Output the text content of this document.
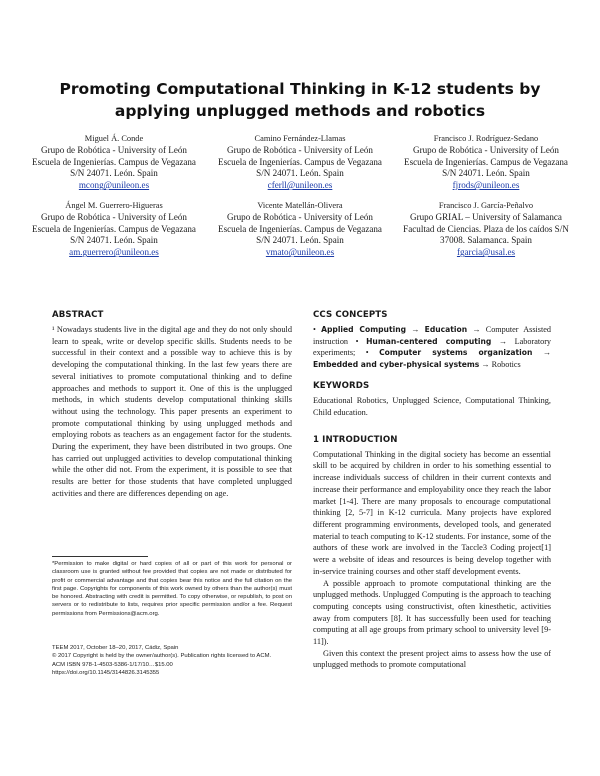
Promoting Computational Thinking in K-12 students by applying unplugged methods and robotics
Miguel Á. Conde
Grupo de Robótica - University of León
Escuela de Ingenierías. Campus de Vegazana S/N 24071. León. Spain
mcong@unileon.es
Camino Fernández-Llamas
Grupo de Robótica - University of León
Escuela de Ingenierías. Campus de Vegazana S/N 24071. León. Spain
cferll@unileon.es
Francisco J. Rodríguez-Sedano
Grupo de Robótica - University of León
Escuela de Ingenierías. Campus de Vegazana S/N 24071. León. Spain
fjrods@unileon.es
Ángel M. Guerrero-Higueras
Grupo de Robótica - University of León
Escuela de Ingenierías. Campus de Vegazana S/N 24071. León. Spain
am.guerrero@unileon.es
Vicente Matellán-Olivera
Grupo de Robótica - University of León
Escuela de Ingenierías. Campus de Vegazana S/N 24071. León. Spain
vmato@unileon.es
Francisco J. García-Peñalvo
Grupo GRIAL – University of Salamanca
Facultad de Ciencias. Plaza de los caídos S/N 37008. Salamanca. Spain
fgarcia@usal.es
ABSTRACT

¹ Nowadays students live in the digital age and they do not only should learn to speak, write or develop specific skills. Students needs to be successful in their context and a possible way to achieve this is by developing the computational thinking. In the last few years there are several initiatives to promote computational thinking and to define approaches and methods to support it. One of this is the unplugged methods, in which students develop computational thinking skills without using the technology. This paper presents an experiment to promote computational thinking by using unplugged methods and employing robots as teachers as an engagement factor for the students. During the experiment, they have been distributed in two groups. One has carried out unplugged activities to develop computational thinking while the other did not. From the experiment, it is possible to see that results are better for those students that have completed unplugged activities and there are differences depending on age.

*Permission to make digital or hard copies of all or part of this work for personal or classroom use is granted without fee provided that copies are not made or distributed for profit or commercial advantage and that copies bear this notice and the full citation on the first page. Copyrights for components of this work owned by others than the author(s) must be honored. Abstracting with credit is permitted. To copy otherwise, or republish, to post on servers or to redistribute to lists, requires prior specific permission and/or a fee. Request permissions from Permissions@acm.org.
TEEM 2017, October 18–20, 2017, Cádiz, Spain
© 2017 Copyright is held by the owner/author(s). Publication rights licensed to ACM.
ACM ISBN 978-1-4503-5386-1/17/10…$15.00
https://doi.org/10.1145/3144826.3145355
CCS CONCEPTS

• Applied Computing → Education → Computer Assisted instruction • Human-centered computing → Laboratory experiments; • Computer systems organization → Embedded and cyber-physical systems → Robotics

KEYWORDS

Educational Robotics, Unplugged Science, Computational Thinking, Child education.

1 INTRODUCTION

Computational Thinking in the digital society has become an essential skill to be acquired by children in order to his something essential to increase individuals success of children in their current contexts and increase their performance and employability once they reach the labor market [1-4]. There are many proposals to encourage computational thinking [2, 5-7] in K-12 curricula. Many projects have explored different programming environments, developed tools, and generated material to teach computing to K-12 students. For instance, some of the authors of these work are involved in the Taccle3 Coding project[1] were a website of ideas and resources is being develop together with in-service training courses and other staff development events.

A possible approach to promote computational thinking are the unplugged methods. Unplugged Computing is the approach to teaching computing concepts using constructivist, often kinesthetic, activities away from computers [8]. It has successfully been used for teaching computing at all age groups from primary school to university level [9-11]).

Given this context the present project aims to assess how the use of unplugged methods to promote computational
